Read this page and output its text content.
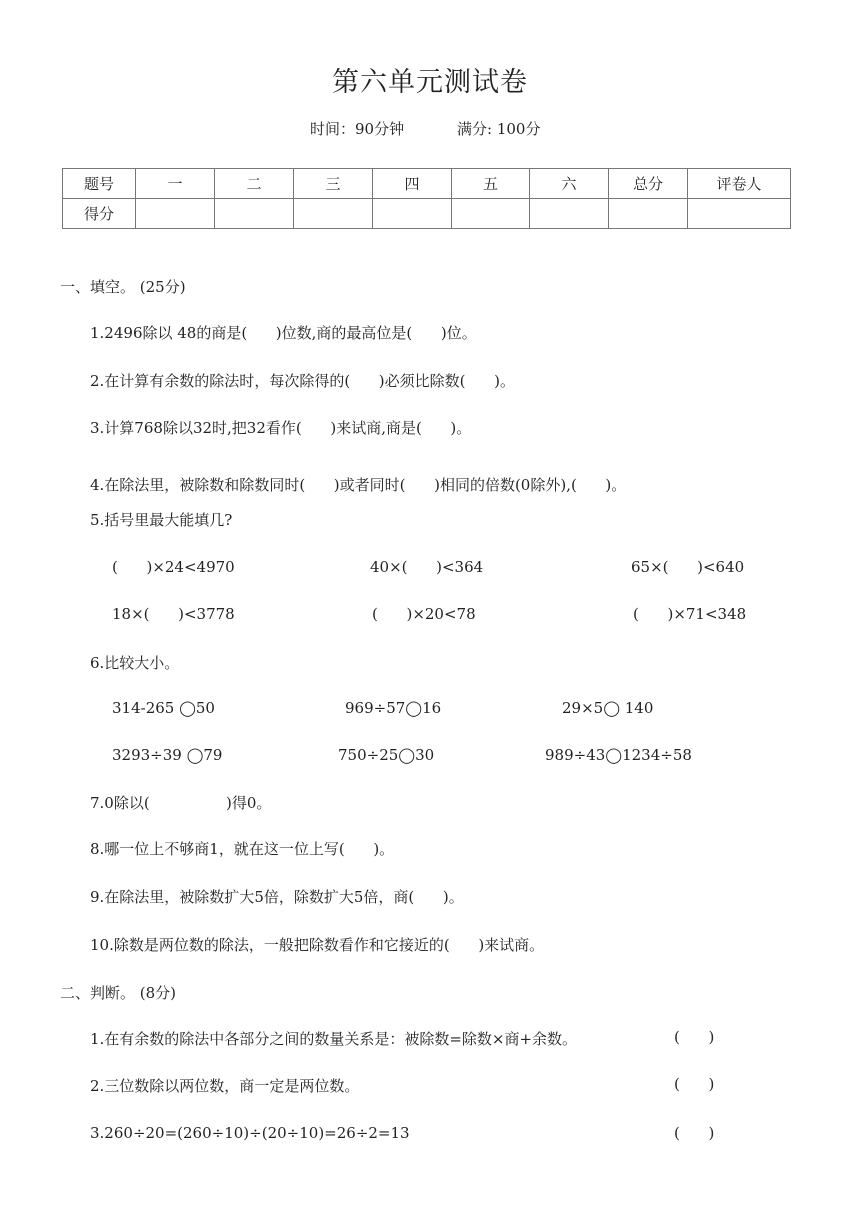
第六单元测试卷
时间：90分钟	满分: 100分
题号	一	二	三	四	五	六	总分	评卷人
得分								
一、填空。 (25分)
1.2496除以 48的商是(      )位数,商的最高位是(      )位。
2.在计算有余数的除法时，每次除得的(      )必须比除数(      )。
3.计算768除以32时,把32看作(      )来试商,商是(      )。
4.在除法里，被除数和除数同时(      )或者同时(      )相同的倍数(0除外),(      )。
5.括号里最大能填几?
(      )×24<4970	40×(      )<364	65×(      )<640
18×(      )<3778	(      )×20<78	(      )×71<348
6.比较大小。
314-265 ◯50	969÷57◯16	29×5◯ 140
3293÷39 ◯79	750÷25◯30	989÷43◯1234÷58
7.0除以(                )得0。
8.哪一位上不够商1，就在这一位上写(      )。
9.在除法里，被除数扩大5倍，除数扩大5倍，商(      )。
10.除数是两位数的除法，一般把除数看作和它接近的(      )来试商。
二、判断。 (8分)
1.在有余数的除法中各部分之间的数量关系是：被除数=除数×商+余数。	(      )
2.三位数除以两位数，商一定是两位数。	(      )
3.260÷20=(260÷10)÷(20÷10)=26÷2=13	(      )
